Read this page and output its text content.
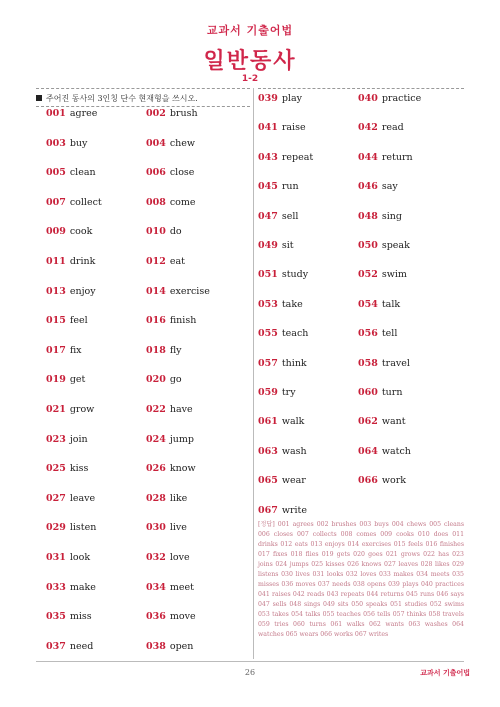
교과서 기출어법
일반동사
1-2
주어진 동사의 3인칭 단수 현재형을 쓰시오.
001 agree	002 brush
003 buy	004 chew
005 clean	006 close
007 collect	008 come
009 cook	010 do
011 drink	012 eat
013 enjoy	014 exercise
015 feel	016 finish
017 fix	018 fly
019 get	020 go
021 grow	022 have
023 join	024 jump
025 kiss	026 know
027 leave	028 like
029 listen	030 live
031 look	032 love
033 make	034 meet
035 miss	036 move
037 need	038 open
039 play	040 practice
041 raise	042 read
043 repeat	044 return
045 run	046 say
047 sell	048 sing
049 sit	050 speak
051 study	052 swim
053 take	054 talk
055 teach	056 tell
057 think	058 travel
059 try	060 turn
061 walk	062 want
063 wash	064 watch
065 wear	066 work
067 write
[정답] 001 agrees 002 brushes 003 buys 004 chews 005 cleans 006 closes 007 collects 008 comes 009 cooks 010 does 011 drinks 012 eats 013 enjoys 014 exercises 015 feels 016 finishes 017 fixes 018 flies 019 gets 020 goes 021 grows 022 has 023 joins 024 jumps 025 kisses 026 knows 027 leaves 028 likes 029 listens 030 lives 031 looks 032 loves 033 makes 034 meets 035 misses 036 moves 037 needs 038 opens 039 plays 040 practices 041 raises 042 reads 043 repeats 044 returns 045 runs 046 says 047 sells 048 sings 049 sits 050 speaks 051 studies 052 swims 053 takes 054 talks 055 teaches 056 tells 057 thinks 058 travels 059 tries 060 turns 061 walks 062 wants 063 washes 064 watches 065 wears 066 works 067 writes
26	교과서 기출어법
